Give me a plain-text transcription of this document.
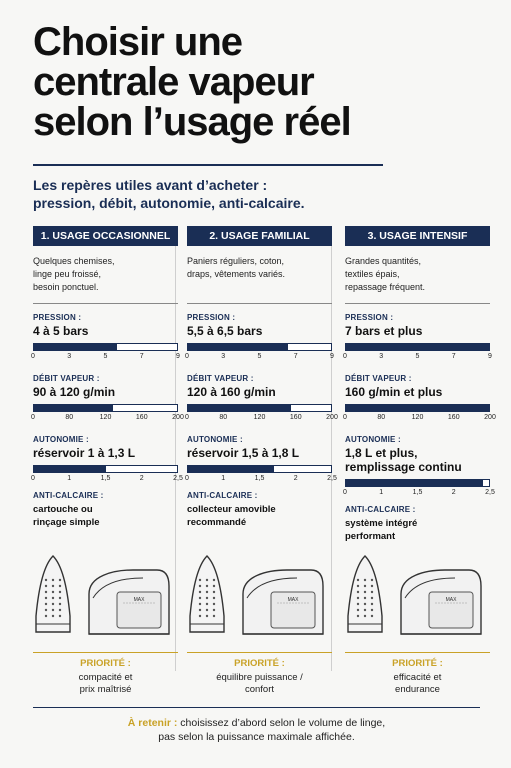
Choisir une
centrale vapeur
selon l’usage réel
Les repères utiles avant d’acheter :
pression, débit, autonomie, anti-calcaire.
1. USAGE OCCASIONNEL
Quelques chemises,
linge peu froissé,
besoin ponctuel.
PRESSION :
4 à 5 bars
0	3	5	7	9
DÉBIT VAPEUR :
90 à 120 g/min
0	80	120	160	200
AUTONOMIE :
réservoir 1 à 1,3 L
0	1	1,5	2	2,5
ANTI-CALCAIRE :
cartouche ou
rinçage simple
MAX
PRIORITÉ :
compacité et
prix maîtrisé
2. USAGE FAMILIAL
Paniers réguliers, coton,
draps, vêtements variés.
PRESSION :
5,5 à 6,5 bars
0	3	5	7	9
DÉBIT VAPEUR :
120 à 160 g/min
0	80	120	160	200
AUTONOMIE :
réservoir 1,5 à 1,8 L
0	1	1,5	2	2,5
ANTI-CALCAIRE :
collecteur amovible
recommandé
MAX
PRIORITÉ :
équilibre puissance /
confort
3. USAGE INTENSIF
Grandes quantités,
textiles épais,
repassage fréquent.
PRESSION :
7 bars et plus
0	3	5	7	9
DÉBIT VAPEUR :
160 g/min et plus
0	80	120	160	200
AUTONOMIE :
1,8 L et plus,
remplissage continu
0	1	1,5	2	2,5
ANTI-CALCAIRE :
système intégré
performant
MAX
PRIORITÉ :
efficacité et
endurance
À retenir : choisissez d’abord selon le volume de linge,
pas selon la puissance maximale affichée.
